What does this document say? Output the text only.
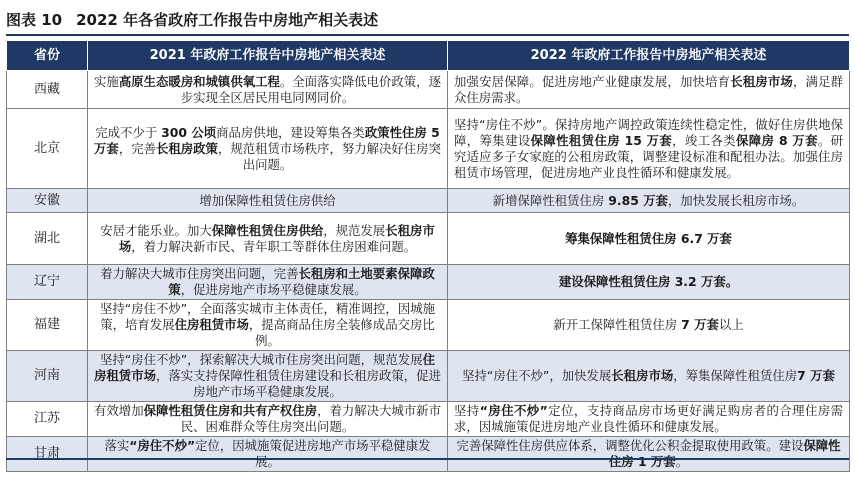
图表 10 2022 年各省政府工作报告中房地产相关表述
省份	2021 年政府工作报告中房地产相关表述	2022 年政府工作报告中房地产相关表述
西藏	实施高原生态暖房和城镇供氧工程。全面落实降低电价政策，逐步实现全区居民用电同网同价。	加强安居保障。促进房地产业健康发展，加快培育长租房市场，满足群众住房需求。
北京	完成不少于 300 公顷商品房供地，建设筹集各类政策性住房 5 万套，完善长租房政策，规范租赁市场秩序，努力解决好住房突出问题。	坚持“房住不炒”。保持房地产调控政策连续性稳定性，做好住房供地保障，筹集建设保障性租赁住房 15 万套，竣工各类保障房 8 万套。研究适应多子女家庭的公租房政策，调整建设标准和配租办法。加强住房租赁市场管理，促进房地产业良性循环和健康发展。
安徽	增加保障性租赁住房供给	新增保障性租赁住房 9.85 万套，加快发展长租房市场。
湖北	安居才能乐业。加大保障性租赁住房供给，规范发展长租房市场，着力解决新市民、青年职工等群体住房困难问题。	筹集保障性租赁住房 6.7 万套
辽宁	着力解决大城市住房突出问题，完善长租房和土地要素保障政策，促进房地产市场平稳健康发展。	建设保障性租赁住房 3.2 万套。
福建	坚持“房住不炒”，全面落实城市主体责任，精准调控，因城施策，培育发展住房租赁市场，提高商品住房全装修成品交房比例。	新开工保障性租赁住房 7 万套以上
河南	坚持“房住不炒”，探索解决大城市住房突出问题，规范发展住房租赁市场，落实支持保障性租赁住房建设和长租房政策，促进房地产市场平稳健康发展。	坚持“房住不炒”，加快发展长租房市场，筹集保障性租赁住房7 万套
江苏	有效增加保障性租赁住房和共有产权住房，着力解决大城市新市民、困难群众等住房突出问题。	坚持“房住不炒”定位，支持商品房市场更好满足购房者的合理住房需求，因城施策促进房地产业良性循环和健康发展。
甘肃	落实“房住不炒”定位，因城施策促进房地产市场平稳健康发展。	完善保障性住房供应体系，调整优化公积金提取使用政策。建设保障性住房 1 万套。
